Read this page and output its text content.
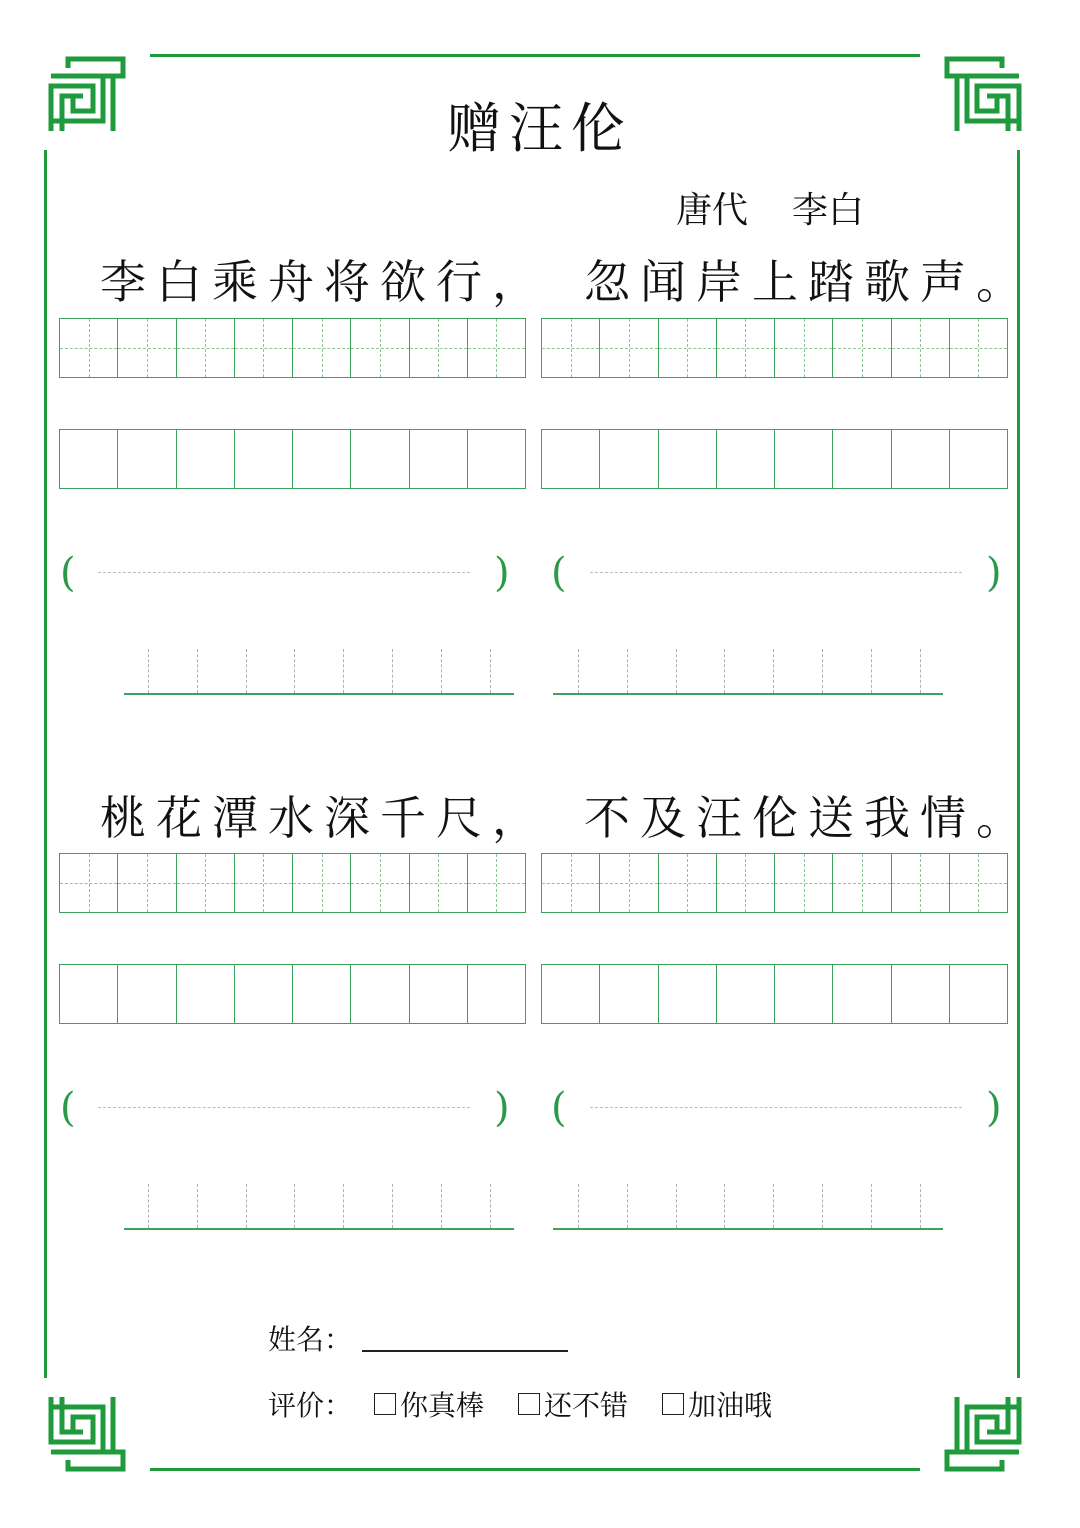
赠汪伦
唐代 李白
李白乘舟将欲行， 忽闻岸上踏歌声。
桃花潭水深千尺， 不及汪伦送我情。
(	) (	)
(	) (	)
姓名：
评价： 你真棒 还不错 加油哦
